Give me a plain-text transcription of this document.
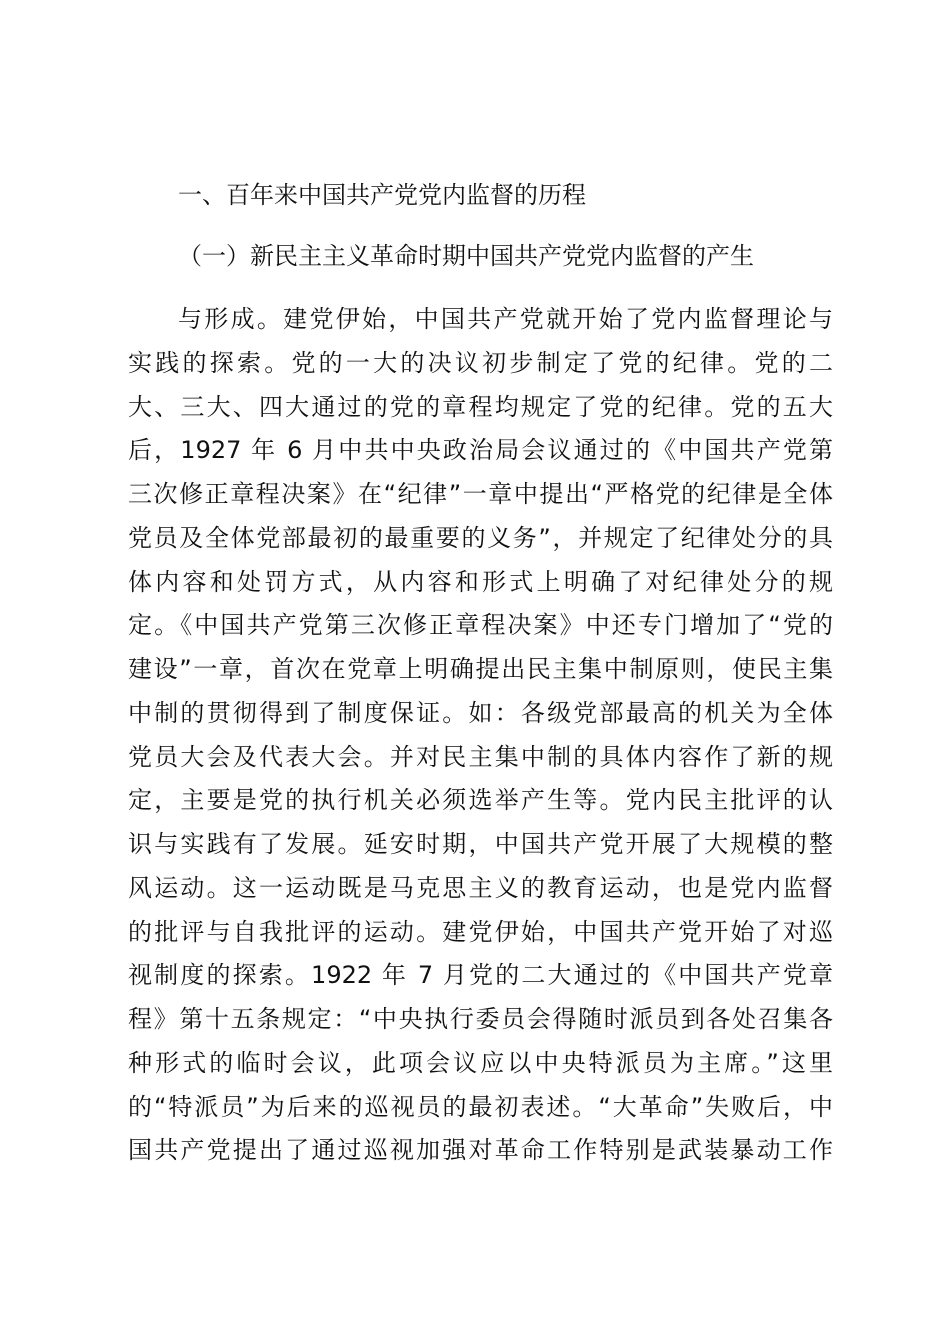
一、百年来中国共产党党内监督的历程
（一）新民主主义革命时期中国共产党党内监督的产生
与形成。建党伊始，中国共产党就开始了党内监督理论与
实践的探索。党的一大的决议初步制定了党的纪律。党的二
大、三大、四大通过的党的章程均规定了党的纪律。党的五大
后，1927 年 6 月中共中央政治局会议通过的《中国共产党第
三次修正章程决案》在“纪律”一章中提出“严格党的纪律是全体
党员及全体党部最初的最重要的义务”，并规定了纪律处分的具
体内容和处罚方式，从内容和形式上明确了对纪律处分的规
定。《中国共产党第三次修正章程决案》中还专门增加了“党的
建设”一章，首次在党章上明确提出民主集中制原则，使民主集
中制的贯彻得到了制度保证。如：各级党部最高的机关为全体
党员大会及代表大会。并对民主集中制的具体内容作了新的规
定，主要是党的执行机关必须选举产生等。党内民主批评的认
识与实践有了发展。延安时期，中国共产党开展了大规模的整
风运动。这一运动既是马克思主义的教育运动，也是党内监督
的批评与自我批评的运动。建党伊始，中国共产党开始了对巡
视制度的探索。1922 年 7 月党的二大通过的《中国共产党章
程》第十五条规定：“中央执行委员会得随时派员到各处召集各
种形式的临时会议，此项会议应以中央特派员为主席。”这里
的“特派员”为后来的巡视员的最初表述。“大革命”失败后，中
国共产党提出了通过巡视加强对革命工作特别是武装暴动工作
